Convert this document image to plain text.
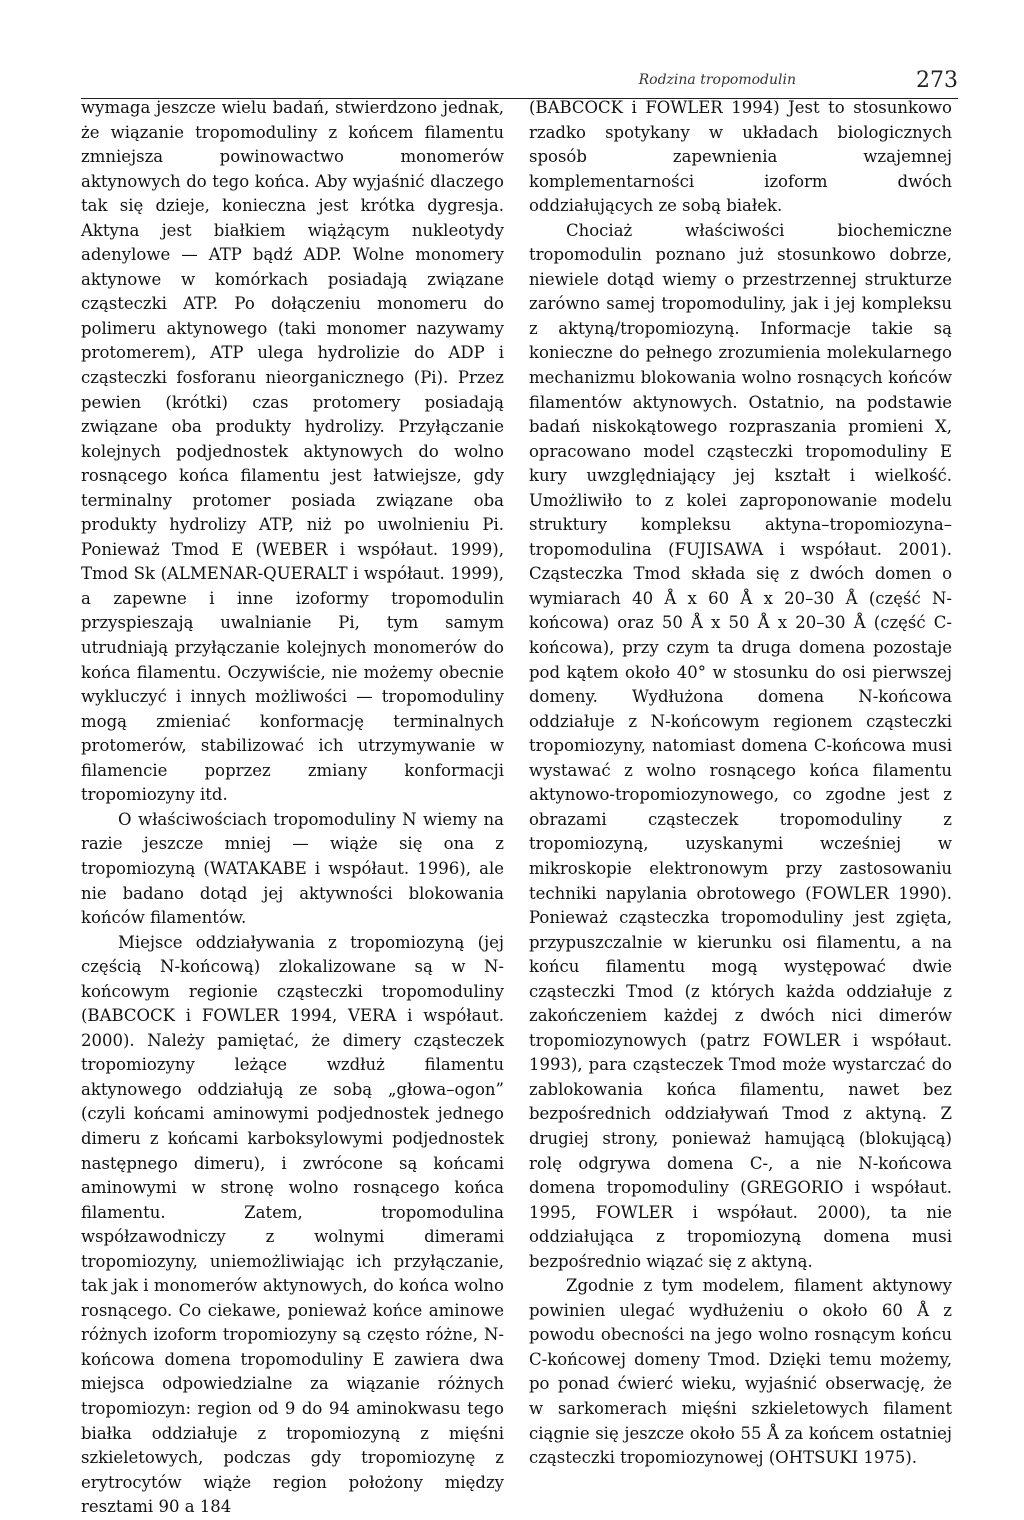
Rodzina tropomodulin	273

wymaga jeszcze wielu badań, stwierdzono jednak, że wiązanie tropomoduliny z końcem filamentu zmniejsza powinowactwo monomerów aktynowych do tego końca. Aby wyjaśnić dlaczego tak się dzieje, konieczna jest krótka dygresja. Aktyna jest białkiem wiążącym nukleotydy adenylowe — ATP bądź ADP. Wolne monomery aktynowe w komórkach posiadają związane cząsteczki ATP. Po dołączeniu monomeru do polimeru aktynowego (taki monomer nazywamy protomerem), ATP ulega hydrolizie do ADP i cząsteczki fosforanu nieorganicznego (Pi). Przez pewien (krótki) czas protomery posiadają związane oba produkty hydrolizy. Przyłączanie kolejnych podjednostek aktynowych do wolno rosnącego końca filamentu jest łatwiejsze, gdy terminalny protomer posiada związane oba produkty hydrolizy ATP, niż po uwolnieniu Pi. Ponieważ Tmod E (WEBER i współaut. 1999), Tmod Sk (ALMENAR-QUERALT i współaut. 1999), a zapewne i inne izoformy tropomodulin przyspieszają uwalnianie Pi, tym samym utrudniają przyłączanie kolejnych monomerów do końca filamentu. Oczywiście, nie możemy obecnie wykluczyć i innych możliwości — tropomoduliny mogą zmieniać konformację terminalnych protomerów, stabilizować ich utrzymywanie w filamencie poprzez zmiany konformacji tropomiozyny itd.

O właściwościach tropomoduliny N wiemy na razie jeszcze mniej — wiąże się ona z tropomiozyną (WATAKABE i współaut. 1996), ale nie badano dotąd jej aktywności blokowania końców filamentów.

Miejsce oddziaływania z tropomiozyną (jej częścią N-końcową) zlokalizowane są w N-końcowym regionie cząsteczki tropomoduliny (BABCOCK i FOWLER 1994, VERA i współaut. 2000). Należy pamiętać, że dimery cząsteczek tropomiozyny leżące wzdłuż filamentu aktynowego oddziałują ze sobą „głowa–ogon” (czyli końcami aminowymi podjednostek jednego dimeru z końcami karboksylowymi podjednostek następnego dimeru), i zwrócone są końcami aminowymi w stronę wolno rosnącego końca filamentu. Zatem, tropomodulina współzawodniczy z wolnymi dimerami tropomiozyny, uniemożliwiając ich przyłączanie, tak jak i monomerów aktynowych, do końca wolno rosnącego. Co ciekawe, ponieważ końce aminowe różnych izoform tropomiozyny są często różne, N-końcowa domena tropomoduliny E zawiera dwa miejsca odpowiedzialne za wiązanie różnych tropomiozyn: region od 9 do 94 aminokwasu tego białka oddziałuje z tropomiozyną z mięśni szkieletowych, podczas gdy tropomiozynę z erytrocytów wiąże region położony między resztami 90 a 184

(BABCOCK i FOWLER 1994) Jest to stosunkowo rzadko spotykany w układach biologicznych sposób zapewnienia wzajemnej komplementarności izoform dwóch oddziałujących ze sobą białek.

Chociaż właściwości biochemiczne tropomodulin poznano już stosunkowo dobrze, niewiele dotąd wiemy o przestrzennej strukturze zarówno samej tropomoduliny, jak i jej kompleksu z aktyną/tropomiozyną. Informacje takie są konieczne do pełnego zrozumienia molekularnego mechanizmu blokowania wolno rosnących końców filamentów aktynowych. Ostatnio, na podstawie badań niskokątowego rozpraszania promieni X, opracowano model cząsteczki tropomoduliny E kury uwzględniający jej kształt i wielkość. Umożliwiło to z kolei zaproponowanie modelu struktury kompleksu aktyna–tropomiozyna–tropomodulina (FUJISAWA i współaut. 2001). Cząsteczka Tmod składa się z dwóch domen o wymiarach 40 Å x 60 Å x 20–30 Å (część N-końcowa) oraz 50 Å x 50 Å x 20–30 Å (część C-końcowa), przy czym ta druga domena pozostaje pod kątem około 40° w stosunku do osi pierwszej domeny. Wydłużona domena N-końcowa oddziałuje z N-końcowym regionem cząsteczki tropomiozyny, natomiast domena C-końcowa musi wystawać z wolno rosnącego końca filamentu aktynowo-tropomiozynowego, co zgodne jest z obrazami cząsteczek tropomoduliny z tropomiozyną, uzyskanymi wcześniej w mikroskopie elektronowym przy zastosowaniu techniki napylania obrotowego (FOWLER 1990). Ponieważ cząsteczka tropomoduliny jest zgięta, przypuszczalnie w kierunku osi filamentu, a na końcu filamentu mogą występować dwie cząsteczki Tmod (z których każda oddziałuje z zakończeniem każdej z dwóch nici dimerów tropomiozynowych (patrz FOWLER i współaut. 1993), para cząsteczek Tmod może wystarczać do zablokowania końca filamentu, nawet bez bezpośrednich oddziaływań Tmod z aktyną. Z drugiej strony, ponieważ hamującą (blokującą) rolę odgrywa domena C-, a nie N-końcowa domena tropomoduliny (GREGORIO i współaut. 1995, FOWLER i współaut. 2000), ta nie oddziałująca z tropomiozyną domena musi bezpośrednio wiązać się z aktyną.

Zgodnie z tym modelem, filament aktynowy powinien ulegać wydłużeniu o około 60 Å z powodu obecności na jego wolno rosnącym końcu C-końcowej domeny Tmod. Dzięki temu możemy, po ponad ćwierć wieku, wyjaśnić obserwację, że w sarkomerach mięśni szkieletowych filament ciągnie się jeszcze około 55 Å za końcem ostatniej cząsteczki tropomiozynowej (OHTSUKI 1975).
